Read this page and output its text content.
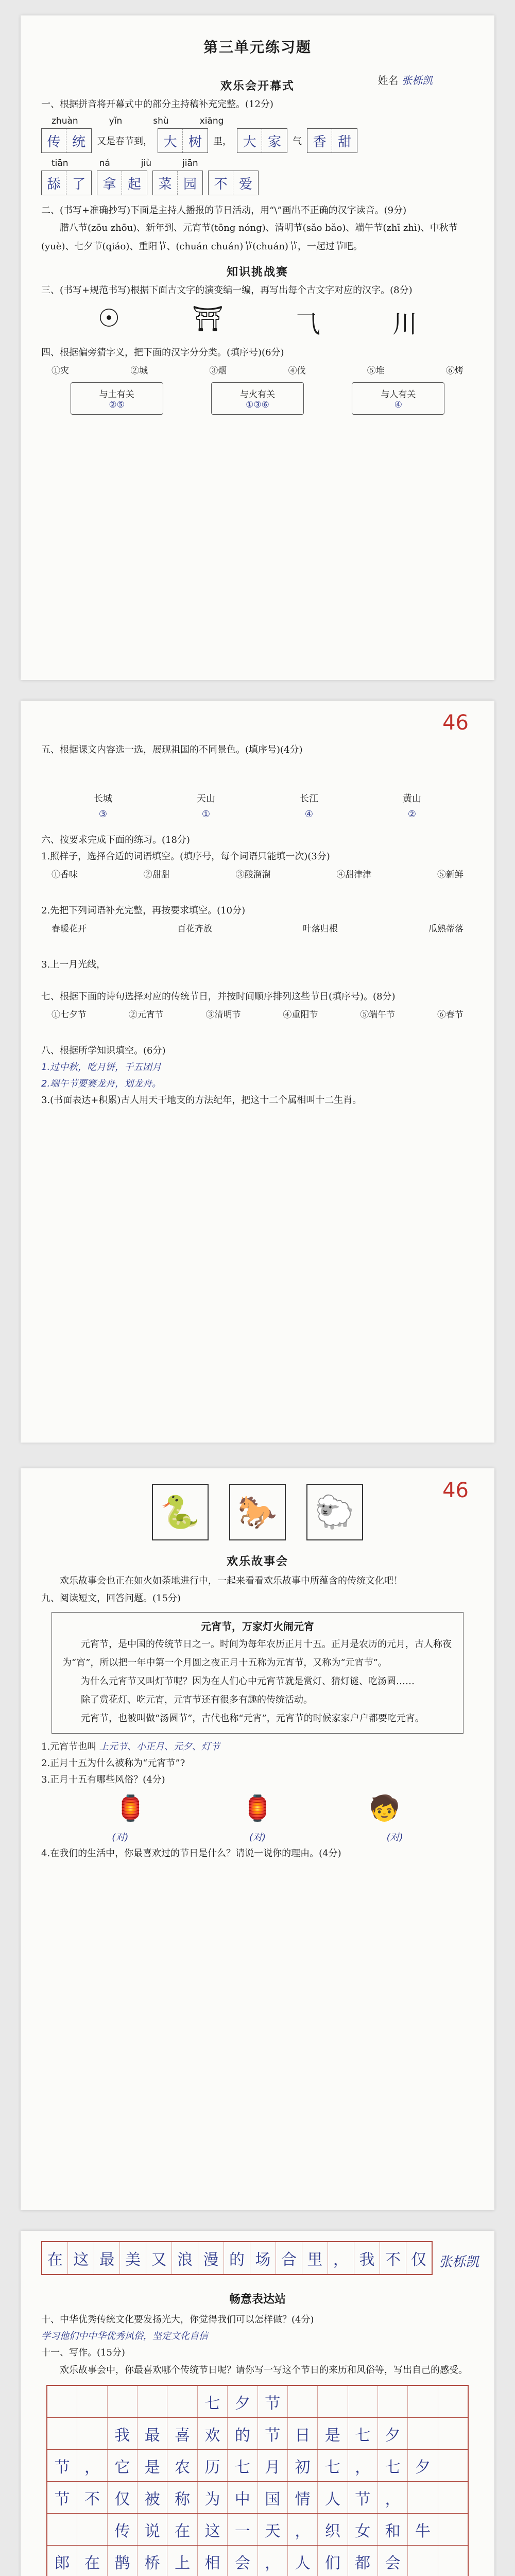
第三单元练习题
姓名 张栎凯
欢乐会开幕式
一、根据拼音将开幕式中的部分主持稿补充完整。(12分)
zhuàn	yǐn	shù	xiāng
传 统	又是春节到， 大 树	里， 大 家	气 香 甜
tiān	ná	jiù	jiān
舔 了	拿 起	菜 园	不 爱
二、(书写+准确抄写)下面是主持人播报的节日活动，用“\”画出不正确的汉字读音。(9分)
腊八节(zōu zhōu)、新年到、元宵节(tōng nóng)、清明节(sǎo bǎo)、端午节(zhī zhì)、中秋节(yuè)、七夕节(qiáo)、重阳节、(chuán chuán)节(chuán)节，一起过节吧。
知识挑战赛
三、(书写+规范书写)根据下面古文字的演变编一编，再写出每个古文字对应的汉字。(8分)
☉	⛩	⺄	川
四、根据偏旁猜字义，把下面的汉字分分类。(填序号)(6分)
①灾	②城	③烟	④伐	⑤堆	⑥烤
与土有关
②⑤
与火有关
①③⑥
与人有关
④
46
五、根据课文内容选一选，展现祖国的不同景色。(填序号)(4分)
长城	天山	长江	黄山
③	①	④	②
六、按要求完成下面的练习。(18分)
1.照样子，选择合适的词语填空。(填序号，每个词语只能填一次)(3分)
①香味	②甜甜	③酸溜溜	④甜津津	⑤新鲜
2.先把下列词语补充完整，再按要求填空。(10分)
春暖花开	百花齐放	叶落归根	瓜熟蒂落
3.上一月光线，
七、根据下面的诗句选择对应的传统节日，并按时间顺序排列这些节日(填序号)。(8分)
①七夕节	②元宵节	③清明节	④重阳节	⑤端午节	⑥春节
八、根据所学知识填空。(6分)
1.过中秋，吃月饼，千五团月
2.端午节要赛龙舟，划龙舟。
3.(书面表达+积累)古人用天干地支的方法纪年，把这十二个属相叫十二生肖。
46
🐍 🐎 🐑
欢乐故事会
欢乐故事会也正在如火如荼地进行中，一起来看看欢乐故事中所蕴含的传统文化吧！
九、阅读短文，回答问题。(15分)
元宵节，万家灯火闹元宵
元宵节，是中国的传统节日之一。时间为每年农历正月十五。正月是农历的元月，古人称夜为“宵”，所以把一年中第一个月圆之夜正月十五称为元宵节，又称为“元宵节”。
为什么元宵节又叫灯节呢？因为在人们心中元宵节就是赏灯、猜灯谜、吃汤圆……
除了赏花灯、吃元宵，元宵节还有很多有趣的传统活动。
元宵节，也被叫做“汤圆节”，古代也称“元宵”，元宵节的时候家家户户都要吃元宵。
1.元宵节也叫 上元节、小正月、元夕、灯节
2.正月十五为什么被称为“元宵节”?
3.正月十五有哪些风俗？(4分)
🏮	🏮	🧒
(对)	(对)	(对)
4.在我们的生活中，你最喜欢过的节日是什么？请说一说你的理由。(4分)
张栎凯
在 这 最 美 又 浪 漫 的 场 合 里 ， 我 不 仅
畅意表达站
十、中华优秀传统文化要发扬光大，你觉得我们可以怎样做？(4分)
学习他们中中华优秀风俗，坚定文化自信
十一、写作。(15分)
欢乐故事会中，你最喜欢哪个传统节日呢？请你写一写这个节日的来历和风俗等，写出自己的感受。
七 夕 节
我 最 喜 欢 的 节 日 是 七 夕
节 ， 它 是 农 历 七 月 初 七 ， 七 夕
节 不 仅 被 称 为 中 国 情 人 节 ，
传 说 在 这 一 天 ， 织 女 和 牛
郎 在 鹊 桥 上 相 会 ， 人 们 都 会
